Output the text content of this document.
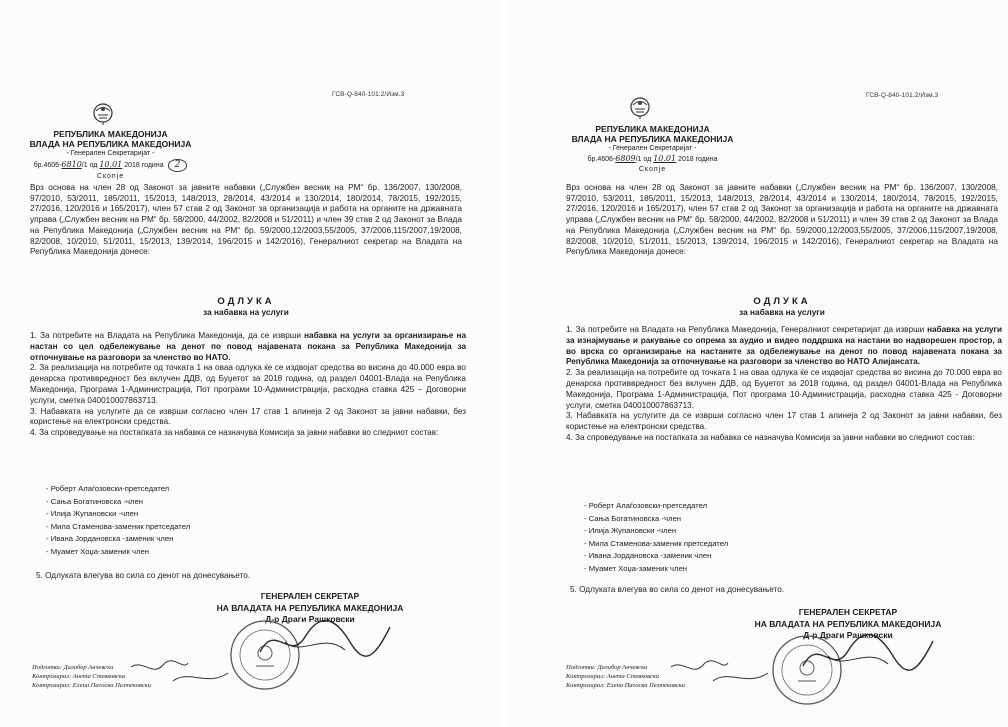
ГСВ-Q-840-101.2/Изм.3
РЕПУБЛИКА МАКЕДОНИЈА
ВЛАДА НА РЕПУБЛИКА МАКЕДОНИЈА
- Генерален Секретаријат -
бр.4606-6810/1 од 10.01 2018 година 2
Скопје
Врз основа на член 28 од Законот за јавните набавки („Службен весник на РМ“ бр. 136/2007, 130/2008, 97/2010, 53/2011, 185/2011, 15/2013, 148/2013, 28/2014, 43/2014 и 130/2014, 180/2014, 78/2015, 192/2015, 27/2016, 120/2016 и 165/2017), член 57 став 2 од Законот за организација и работа на органите на државната управа („Службен весник на РМ“ бр. 58/2000, 44/2002, 82/2008 и 51/2011) и член 39 став 2 од Законот за Влада на Република Македонија („Службен весник на РМ“ бр. 59/2000,12/2003,55/2005, 37/2006,115/2007,19/2008, 82/2008, 10/2010, 51/2011, 15/2013, 139/2014, 196/2015 и 142/2016), Генералниот секретар на Владата на Република Македонија донесе:
ОДЛУКА
за набавка на услуги
1. За потребите на Владата на Република Македонија, да се изврши набавка на услуги за организирање на настан со цел одбележување на денот по повод најавената покана за Република Македонија за отпочнување на разговори за членство во НАТО.
2. За реализација на потребите од точката 1 на оваа одлука ќе се издвојат средства во висина до 40.000 евра во денарска противвредност без вклучен ДДВ, од Буџетот за 2018 година, од раздел 04001-Влада на Република Македонија, Програма 1-Администрација, Пот програми 10-Администрација, расходна ставка 425 – Договорни услуги, сметка 040010007863713.
3. Набавката на услугите да се изврши согласно член 17 став 1 алинеја 2 од Законот за јавни набавки, без користење на електронски средства.
4. За спроведување на постапката за набавка се назначува Комисија за јавни набавки во следниот состав:
- Роберт Алаѓозовски-претседател
- Сања Богатиновска -член
- Илија Жупановски -член
- Мила Стаменова-заменик претседател
- Ивана Јордановска -заменик член
- Муамет Хоџа-заменик член
5. Одлуката влегува во сила со денот на донесувањето.
ГЕНЕРАЛЕН СЕКРЕТАР
НА ВЛАДАТА НА РЕПУБЛИКА МАКЕДОНИЈА
Д-р Драги Рашковски
Подготви: Далибор Анчевски
Контролирал: Анета Стевковска
Контролирал: Елена Пагоска Пелтековски
ГСВ-Q-840-101.2/Изм.3
РЕПУБЛИКА МАКЕДОНИЈА
ВЛАДА НА РЕПУБЛИКА МАКЕДОНИЈА
- Генерален Секретаријат -
бр.4606-6809/1 од 10.01 2018 година
Скопје
Врз основа на член 28 од Законот за јавните набавки („Службен весник на РМ“ бр. 136/2007, 130/2008, 97/2010, 53/2011, 185/2011, 15/2013, 148/2013, 28/2014, 43/2014 и 130/2014, 180/2014, 78/2015, 192/2015, 27/2016, 120/2016 и 165/2017), член 57 став 2 од Законот за организација и работа на органите на државната управа („Службен весник на РМ“ бр. 58/2000, 44/2002, 82/2008 и 51/2011) и член 39 став 2 од Законот за Влада на Република Македонија („Службен весник на РМ“ бр. 59/2000,12/2003,55/2005, 37/2006,115/2007,19/2008, 82/2008, 10/2010, 51/2011, 15/2013, 139/2014, 196/2015 и 142/2016), Генералниот секретар на Владата на Република Македонија донесе:
ОДЛУКА
за набавка на услуги
1. За потребите на Владата на Република Македонија, Генералниот секретаријат да изврши набавка на услуги за изнајмување и ракување со опрема за аудио и видео поддршка на настани во надворешен простор, а во врска со организирање на настаните за одбележување на денот по повод најавената покана за Република Македонија за отпочнување на разговори за членство во НАТО Алијансата.
2. За реализација на потребите од точката 1 на оваа одлука ќе се издвојат средства во висина до 70.000 евра во денарска противвредност без вклучен ДДВ, од Буџетот за 2018 година, од раздел 04001-Влада на Република Македонија, Програма 1-Администрација, Пот програма 10-Администрација, расходна ставка 425 - Договорни услуги, сметка 040010007863713.
3. Набавката на услугите да се изврши согласно член 17 став 1 алинеја 2 од Законот за јавни набавки, без користење на електронски средства.
4. За спроведување на постапката за набавка се назначува Комисија за јавни набавки во следниот состав:
- Роберт Алаѓозовски-претседател
- Сања Богатиновска -член
- Илија Жупановски -член
- Мила Стаменова-заменик претседател
- Ивана Јордановска -заменик член
- Муамет Хоџа-заменик член
5. Одлуката влегува во сила со денот на донесувањето.
ГЕНЕРАЛЕН СЕКРЕТАР
НА ВЛАДАТА НА РЕПУБЛИКА МАКЕДОНИЈА
Д-р Драги Рашковски
Подготви: Далибор Анчевски
Контролирал: Анета Стевковска
Контролирал: Елена Пагоска Пелтековски
